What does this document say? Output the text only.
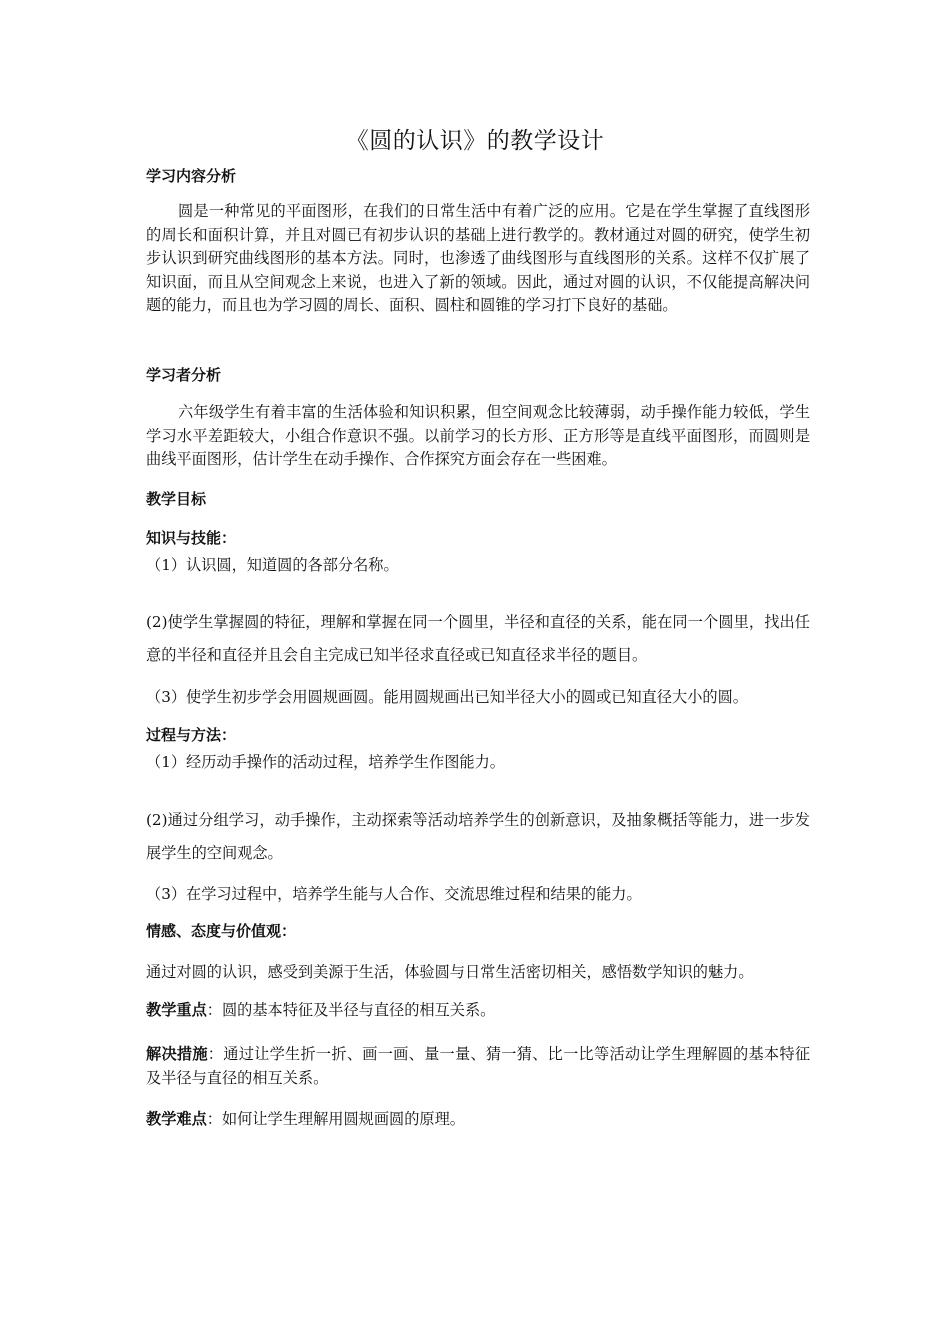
《圆的认识》的教学设计
学习内容分析
圆是一种常见的平面图形，在我们的日常生活中有着广泛的应用。它是在学生掌握了直线图形的周长和面积计算，并且对圆已有初步认识的基础上进行教学的。教材通过对圆的研究，使学生初步认识到研究曲线图形的基本方法。同时，也渗透了曲线图形与直线图形的关系。这样不仅扩展了知识面，而且从空间观念上来说，也进入了新的领域。因此，通过对圆的认识，不仅能提高解决问题的能力，而且也为学习圆的周长、面积、圆柱和圆锥的学习打下良好的基础。
学习者分析
六年级学生有着丰富的生活体验和知识积累，但空间观念比较薄弱，动手操作能力较低，学生学习水平差距较大，小组合作意识不强。以前学习的长方形、正方形等是直线平面图形，而圆则是曲线平面图形，估计学生在动手操作、合作探究方面会存在一些困难。
教学目标
知识与技能：
（1）认识圆，知道圆的各部分名称。
(2)使学生掌握圆的特征，理解和掌握在同一个圆里，半径和直径的关系，能在同一个圆里，找出任意的半径和直径并且会自主完成已知半径求直径或已知直径求半径的题目。
（3）使学生初步学会用圆规画圆。能用圆规画出已知半径大小的圆或已知直径大小的圆。
过程与方法：
（1）经历动手操作的活动过程，培养学生作图能力。
(2)通过分组学习，动手操作，主动探索等活动培养学生的创新意识，及抽象概括等能力，进一步发展学生的空间观念。
（3）在学习过程中，培养学生能与人合作、交流思维过程和结果的能力。
情感、态度与价值观：
通过对圆的认识，感受到美源于生活，体验圆与日常生活密切相关，感悟数学知识的魅力。
教学重点：圆的基本特征及半径与直径的相互关系。
解决措施：通过让学生折一折、画一画、量一量、猜一猜、比一比等活动让学生理解圆的基本特征及半径与直径的相互关系。
教学难点：如何让学生理解用圆规画圆的原理。
